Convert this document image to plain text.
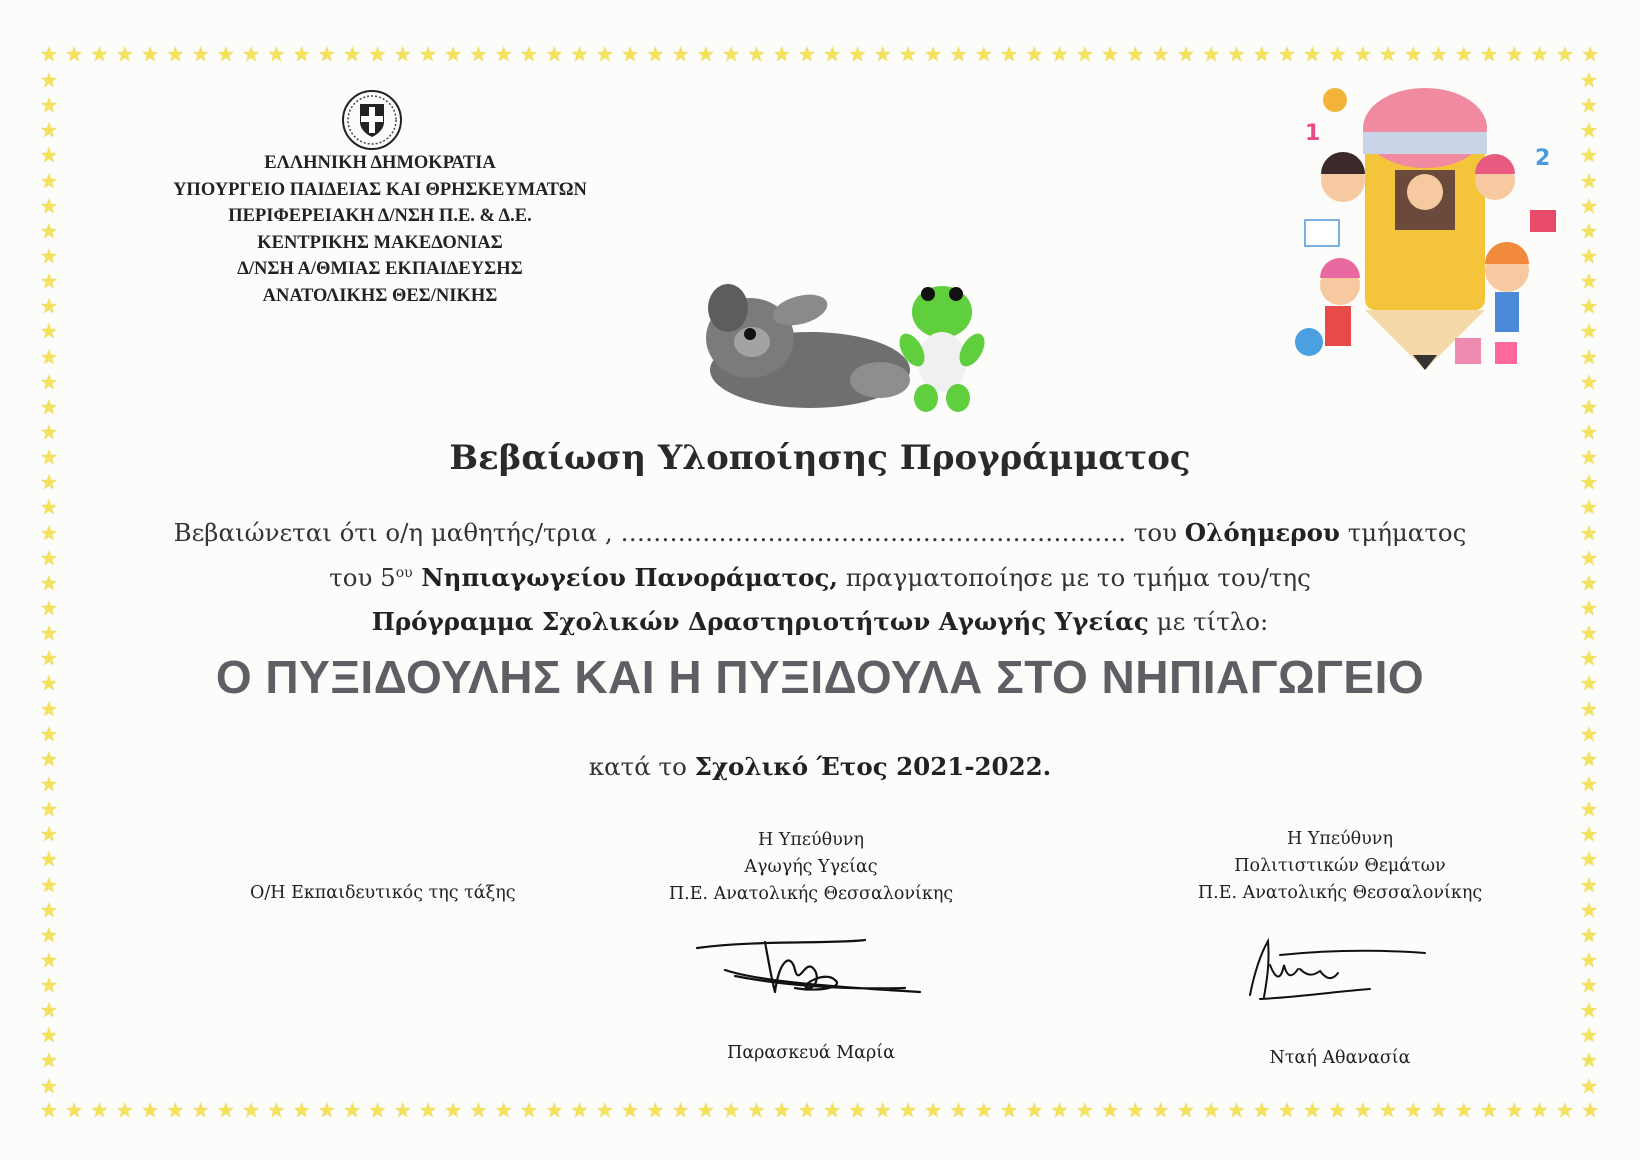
★ ★ ★ ★ ★ ★ ★ ★ ★ ★ ★ ★ ★ ★ ★ ★ ★ ★ ★ ★ ★ ★ ★ ★ ★ ★ ★ ★ ★ ★ ★ ★ ★ ★ ★ ★ ★ ★ ★ ★ ★ ★ ★ ★ ★ ★ ★ ★ ★ ★ ★ ★ ★ ★ ★ ★ ★ ★ ★ ★ ★ ★
★ ★ ★ ★ ★ ★ ★ ★ ★ ★ ★ ★ ★ ★ ★ ★ ★ ★ ★ ★ ★ ★ ★ ★ ★ ★ ★ ★ ★ ★ ★ ★ ★ ★ ★ ★ ★ ★ ★ ★ ★ ★ ★ ★ ★ ★ ★ ★ ★ ★ ★ ★ ★ ★ ★ ★ ★ ★ ★ ★ ★ ★
★
★
★
★
★
★
★
★
★
★
★
★
★
★
★
★
★
★
★
★
★
★
★
★
★
★
★
★
★
★
★
★
★
★
★
★
★
★
★
★
★
★
★
★
★
★
★
★
★
★
★
★
★
★
★
★
★
★
★
★
★
★
★
★
★
★
★
★
★
★
★
★
★
★
★
★
★
★
★
★
★
★
ΕΛΛΗΝΙΚΗ ΔΗΜΟΚΡΑΤΙΑ
ΥΠΟΥΡΓΕΙΟ ΠΑΙΔΕΙΑΣ ΚΑΙ ΘΡΗΣΚΕΥΜΑΤΩΝ
ΠΕΡΙΦΕΡΕΙΑΚΗ Δ/ΝΣΗ Π.Ε. & Δ.Ε.
ΚΕΝΤΡΙΚΗΣ ΜΑΚΕΔΟΝΙΑΣ
Δ/ΝΣΗ Α/ΘΜΙΑΣ ΕΚΠΑΙΔΕΥΣΗΣ
ΑΝΑΤΟΛΙΚΗΣ ΘΕΣ/ΝΙΚΗΣ
2
1
Βεβαίωση Υλοποίησης Προγράμματος
Βεβαιώνεται ότι ο/η μαθητής/τρια , …………………………………………………….. του Ολόημερου τμήματος
του $5^{o\upsilon}$ Νηπιαγωγείου Πανοράματος, πραγματοποίησε με το τμήμα του/της
Πρόγραμμα Σχολικών Δραστηριοτήτων Αγωγής Υγείας με τίτλο:
Ο ΠΥΞΙΔΟΥΛΗΣ ΚΑΙ Η ΠΥΞΙΔΟΥΛΑ ΣΤΟ ΝΗΠΙΑΓΩΓΕΙΟ
κατά το Σχολικό Έτος 2021-2022.
Ο/Η Εκπαιδευτικός της τάξης
Η Υπεύθυνη
Αγωγής Υγείας
Π.Ε. Ανατολικής Θεσσαλονίκης
Η Υπεύθυνη
Πολιτιστικών Θεμάτων
Π.Ε. Ανατολικής Θεσσαλονίκης
Παρασκευά Μαρία	Νταή Αθανασία
